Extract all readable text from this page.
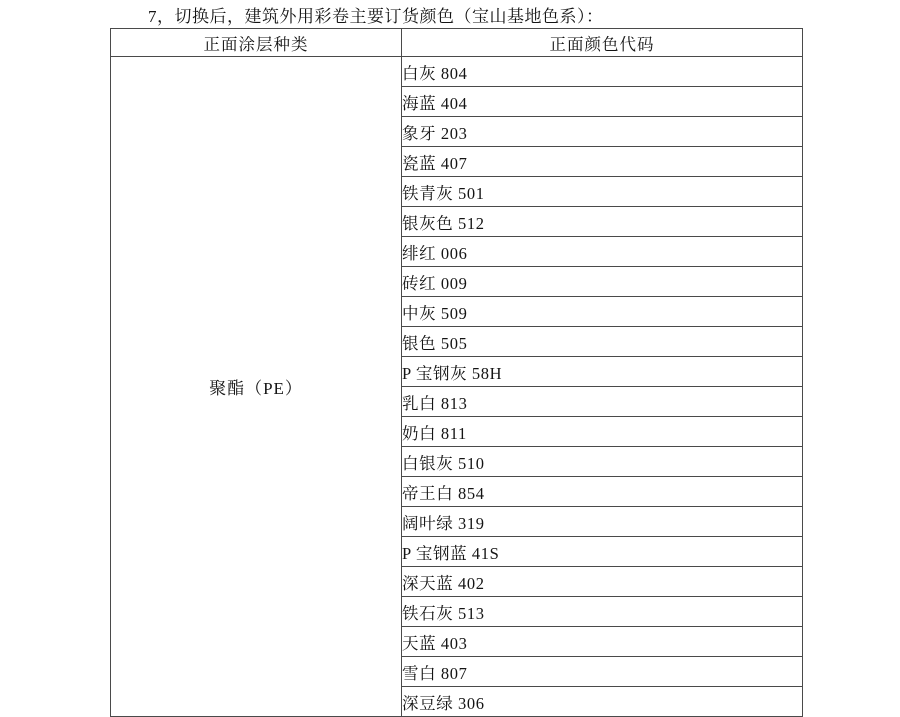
7，切换后，建筑外用彩卷主要订货颜色（宝山基地色系）：
正面涂层种类	正面颜色代码
聚酯（PE）	白灰 804
	海蓝 404
	象牙 203
	瓷蓝 407
	铁青灰 501
	银灰色 512
	绯红 006
	砖红 009
	中灰 509
	银色 505
	P 宝钢灰 58H
	乳白 813
	奶白 811
	白银灰 510
	帝王白 854
	阔叶绿 319
	P 宝钢蓝 41S
	深天蓝 402
	铁石灰 513
	天蓝 403
	雪白 807
	深豆绿 306
